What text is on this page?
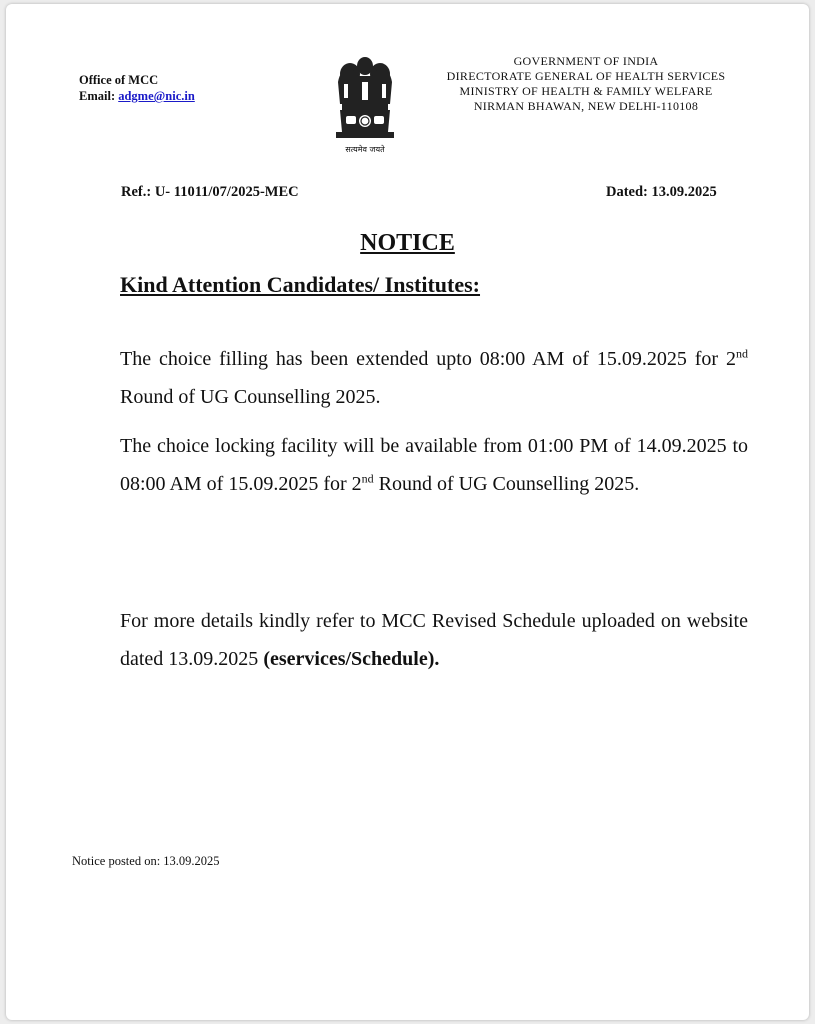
Office of MCC
Email: adgme@nic.in
सत्यमेव जयते
GOVERNMENT OF INDIA
DIRECTORATE GENERAL OF HEALTH SERVICES
MINISTRY OF HEALTH & FAMILY WELFARE
NIRMAN BHAWAN, NEW DELHI-110108
Ref.: U- 11011/07/2025-MEC	Dated: 13.09.2025
NOTICE
Kind Attention Candidates/ Institutes:
The choice filling has been extended upto 08:00 AM of 15.09.2025 for 2nd Round of UG Counselling 2025.
The choice locking facility will be available from 01:00 PM of 14.09.2025 to 08:00 AM of 15.09.2025 for 2nd Round of UG Counselling 2025.
For more details kindly refer to MCC Revised Schedule uploaded on website dated 13.09.2025 (eservices/Schedule).
Notice posted on: 13.09.2025
